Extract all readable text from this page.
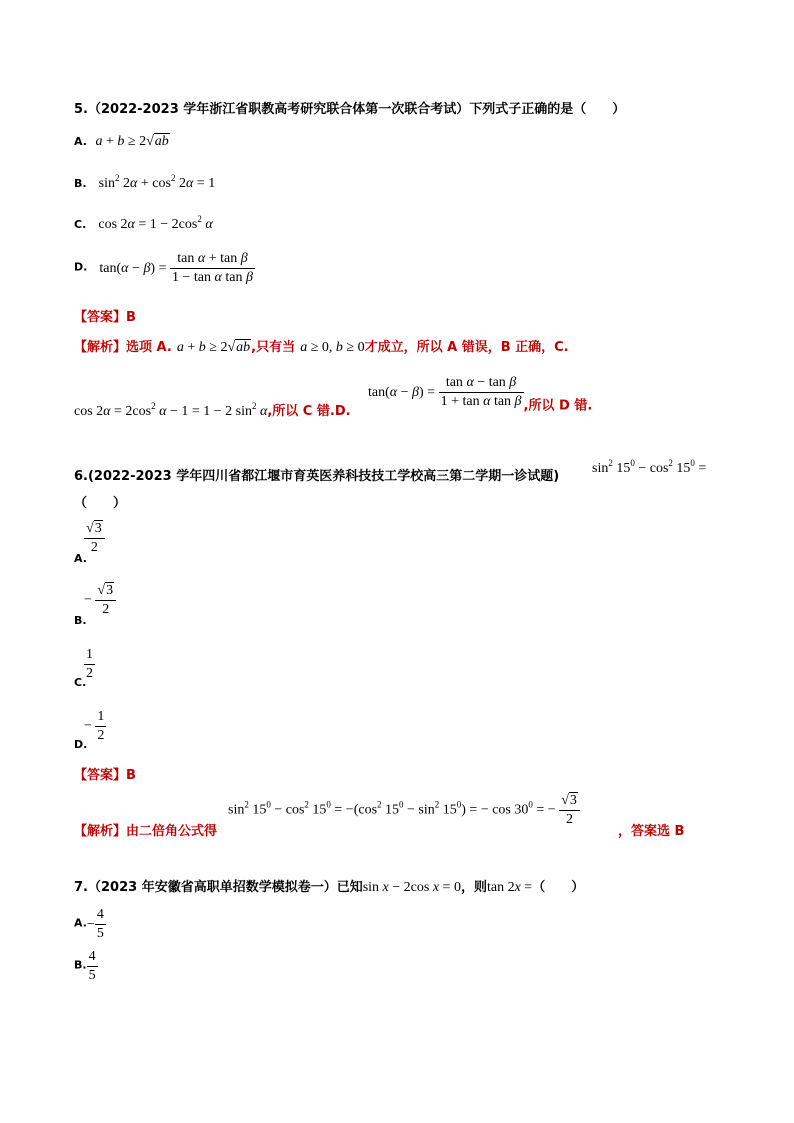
5.（2022-2023 学年浙江省职教高考研究联合体第一次联合考试）下列式子正确的是（　　）
A. a + b ≥ 2√ab
B.   $\sin^2 2\alpha + \cos^2 2\alpha = 1$
C.   $\cos 2\alpha = 1 - 2\cos^2$ α
D.   $\tan(\alpha - \beta) = \frac{\text{tan α + tan β}}{\text{1 − tan α tan β}}$
【答案】B
【解析】选项 A. a + b ≥ 2√ab,只有当 a ≥ 0, b ≥ 0才成立，所以 A 错误，B 正确，C.
$\cos 2\alpha = 2\cos^2$ α − 1 = 1 − 2 $\sin^2 \alpha$,所以 C 错.D.
$\tan(\alpha - \beta) = \frac{\text{tan α − tan β}}{\text{1 + tan α tan β}} _{,所以 D 错.}$
6.(2022-2023 学年四川省都江堰市育英医养科技技工学校高三第二学期一诊试题)
$\sin^2 15^0 - \cos^2 15^0$ =
（　　）
$\frac{√3}{2}$
A.
− $\frac{√3}{2}$
B.
$\frac{1}{2}$
C.
− $\frac{1}{2}$
D.
【答案】B
【解析】 由二倍角公式得
$\sin^2 15^0 - \cos^2 15^0 = -(\cos^2$ $15^0 - \sin^2 15^0$) = − $\cos 30^0$ = − $\frac{√3}{2}$
，答案选 B
7.（2023 年安徽省高职单招数学模拟卷一）已知sin x − 2cos x = 0，则tan 2x =（　　）
$A.- \frac{4}{5}$
B. $\frac{4}{5}$
